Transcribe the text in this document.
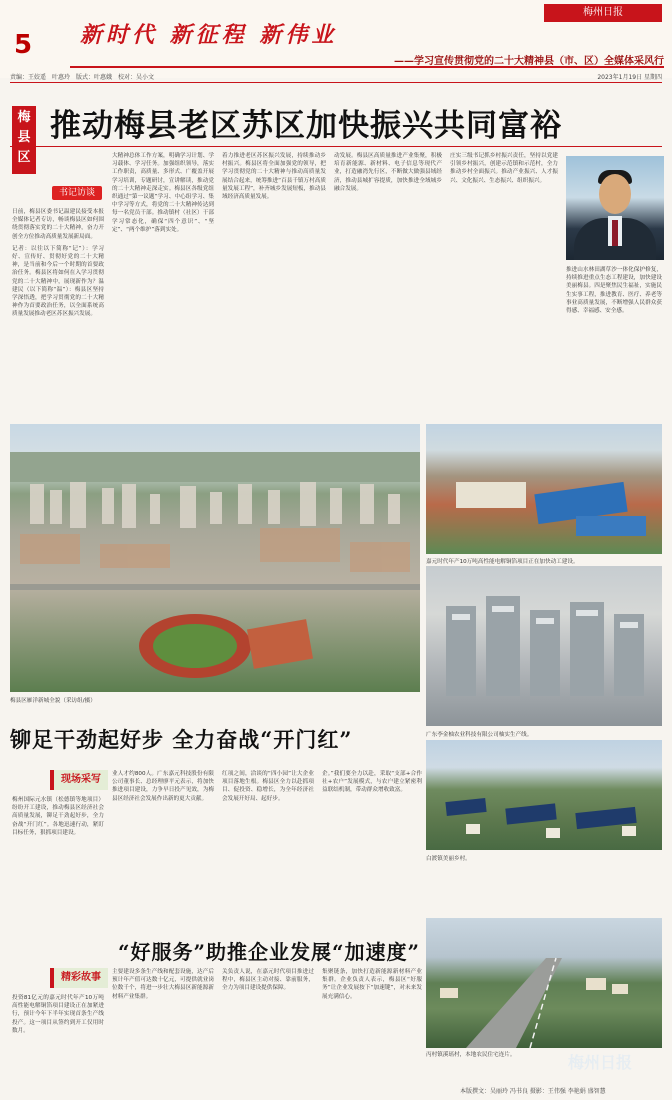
5 新时代 新征程 新伟业
梅州日报
——学习宣传贯彻党的二十大精神县（市、区）全媒体采风行
责编：王姣遥 叶惠玲 版式：叶惠娥 校对：吴小文	2023年1月19日 星期四
梅县区
推动梅县老区苏区加快振兴共同富裕
书记访谈

日前，梅县区委书记温建民接受本报全媒体记者专访，畅谈梅县区如何围绕贯彻落实党的二十大精神，奋力开创全方位推动高质量发展新局面。

记者：以往以下简称“记”）：学习好、宣传好、贯彻好党的二十大精神，是当前和今后一个时期的首要政治任务。梅县区将如何在入学习贯彻党的二十大精神中，展现新作为？温建民（以下简称“温”）：梅县区坚持学深悟透，把学习贯彻党的二十大精神作为首要政治任务，以全面系统高质量发展推动老区苏区振兴发展。

大精神总体工作方案，明确学习计划、学习载体、学习任务。加强组织领导，落实工作职责，高质量、多形式、广覆盖开展学习培训，专题研讨，宣讲解读，推动党的二十大精神走深走实。梅县区各级党组织通过“第一议题”学习、中心组学习、集中学习等方式，将党的二十大精神传达到每一名党员干部。推动镇村（社区）干部学习常态化，确保“四个意识”、“坚定”、“两个维护”落到实处。
着力推进老区苏区振兴发展，持续推动乡村振兴。梅县区将全面加强党的领导，把学习贯彻党的二十大精神与推动高质量发展结合起来，统筹推进“百县千镇万村高质量发展工程”，补齐城乡发展短板，推动县域经济高质量发展。
动发展。梅县区高质量推进产业集聚，积极培育新能源、新材料、电子信息等现代产业，打造融湾先行区，不断做大做强县域经济，推动县城扩容提质，加快推进全域城乡融合发展。
庄实三级书记抓乡村振兴责任，坚持以党建引领乡村振兴，创建示范镇和示范村，全力推动乡村全面振兴。推动产业振兴、人才振兴、文化振兴、生态振兴、组织振兴。
推进山水林田湖草沙一体化保护修复，持续推进重点生态工程建设，加快建设美丽梅县。四是聚焦民生福祉，实施民生实事工程，推进教育、医疗、养老等事业高质量发展，不断增强人民群众获得感、幸福感、安全感。
梅县区雁洋新城全貌（采访组/摄）
嘉元时代年产10万吨高性能电解铜箔项目正在加快动工建设。
广东李金柚农业科技有限公司柚实生产线。
铆足干劲起好步 全力奋战“开门红”
现场采写
梅州国际元水镇（松德镇等地项目）纷纷开工建设，推动梅县区经济社会高质量发展，铆足干劲起好步，全力奋战“开门红”。各地迅速行动，紧盯目标任务，狠抓项目建设。
业人才约800人。广东嘉元科技股份有限公司董事长、总经理廖平元表示，将加快推进项目建设，力争早日投产见效，为梅县区经济社会发展作出新的更大贡献。
红项之间，洽谈的“四小园”让大企业项目落地生根。梅县区全力以赴抓项目、促投资、稳增长，为全年经济社会发展开好局、起好步。
企。”我们要全力以赴，采取“支部+合作社+农户”发展模式，与农户建立紧密利益联结机制，带动群众增收致富。
白渡镇美丽乡村。
“好服务”助推企业发展“加速度”
精彩故事
投资81亿元的嘉元时代年产10万吨高性能电解铜箔项目建设正在加紧进行，预计今年下半年实现首条生产线投产。这一项目从签约到开工仅用时数月。
主要建设多条生产线和配套设施，达产后预计年产值可达数十亿元，可提供就业岗位数千个，将进一步壮大梅县区新能源新材料产业集群。
关负责人说，在嘉元时代项目推进过程中，梅县区主动对接、靠前服务，全力为项目建设提供保障。
集聚链条，加快打造新能源新材料产业集群。企业负责人表示，梅县区“好服务”让企业发展按下“加速键”，对未来发展充满信心。
丙村镇溪瑶村，本地农民住宅连片。	梅州日报
本版撰文：吴丽玲 冯书良 摄影：王伟强 李艳娟 盛智慧
